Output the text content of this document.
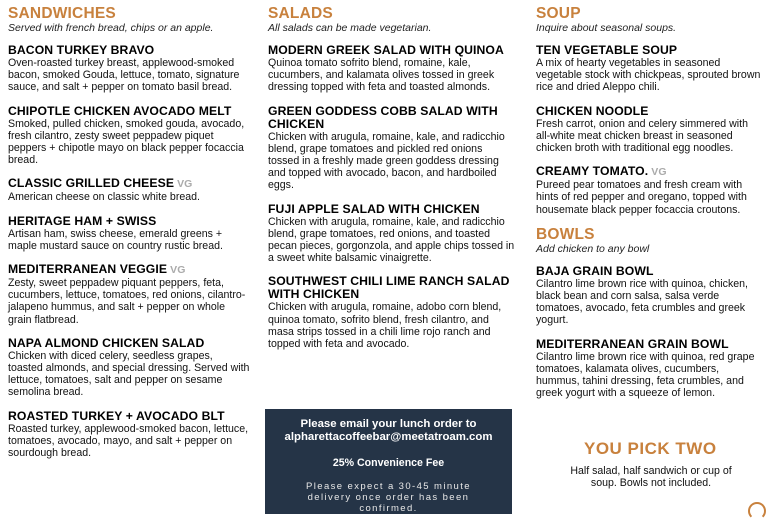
SANDWICHES
Served with french bread, chips or an apple.
BACON TURKEY BRAVO
Oven-roasted turkey breast, applewood-smoked bacon, smoked Gouda, lettuce, tomato, signature sauce, and salt + pepper on tomato basil bread.
CHIPOTLE CHICKEN AVOCADO MELT
Smoked, pulled chicken, smoked gouda, avocado, fresh cilantro, zesty sweet peppadew piquet peppers + chipotle mayo on black pepper focaccia bread.
CLASSIC GRILLED CHEESE VG
American cheese on classic white bread.
HERITAGE HAM + SWISS
Artisan ham, swiss cheese, emerald greens + maple mustard sauce on country rustic bread.
MEDITERRANEAN VEGGIE VG
Zesty, sweet peppadew piquant peppers, feta, cucumbers, lettuce, tomatoes, red onions, cilantro-jalapeno hummus, and salt + pepper on whole grain flatbread.
NAPA ALMOND CHICKEN SALAD
Chicken with diced celery, seedless grapes, toasted almonds, and special dressing. Served with lettuce, tomatoes, salt and pepper on sesame semolina bread.
ROASTED TURKEY + AVOCADO BLT
Roasted turkey, applewood-smoked bacon, lettuce, tomatoes, avocado, mayo, and salt + pepper on sourdough bread.
SALADS
All salads can be made vegetarian.
MODERN GREEK SALAD WITH QUINOA
Quinoa tomato sofrito blend, romaine, kale, cucumbers, and kalamata olives tossed in greek dressing topped with feta and toasted almonds.
GREEN GODDESS COBB SALAD WITH CHICKEN
Chicken with arugula, romaine, kale, and radicchio blend, grape tomatoes and pickled red onions tossed in a freshly made green goddess dressing and topped with avocado, bacon, and hardboiled eggs.
FUJI APPLE SALAD WITH CHICKEN
Chicken with arugula, romaine, kale, and radicchio blend, grape tomatoes, red onions, and toasted pecan pieces, gorgonzola, and apple chips tossed in a sweet white balsamic vinaigrette.
SOUTHWEST CHILI LIME RANCH SALAD WITH CHICKEN
Chicken with arugula, romaine, adobo corn blend, quinoa tomato, sofrito blend, fresh cilantro, and masa strips tossed in a chili lime rojo ranch and topped with feta and avocado.
Please email your lunch order to
alpharettacoffeebar@meetatroam.com
25% Convenience Fee
Please expect a 30-45 minute delivery once order has been confirmed.
SOUP
Inquire about seasonal soups.
TEN VEGETABLE SOUP
A mix of hearty vegetables in seasoned vegetable stock with chickpeas, sprouted brown rice and dried Aleppo chili.
CHICKEN NOODLE
Fresh carrot, onion and celery simmered with all-white meat chicken breast in seasoned chicken broth with traditional egg noodles.
CREAMY TOMATO. VG
Pureed pear tomatoes and fresh cream with hints of red pepper and oregano, topped with housemate black pepper focaccia croutons.
BOWLS
Add chicken to any bowl
BAJA GRAIN BOWL
Cilantro lime brown rice with quinoa, chicken, black bean and corn salsa, salsa verde tomatoes, avocado, feta crumbles and greek yogurt.
MEDITERRANEAN GRAIN BOWL
Cilantro lime brown rice with quinoa, red grape tomatoes, kalamata olives, cucumbers, hummus, tahini dressing, feta crumbles, and greek yogurt with a squeeze of lemon.
YOU PICK TWO
Half salad, half sandwich or cup of soup. Bowls not included.
